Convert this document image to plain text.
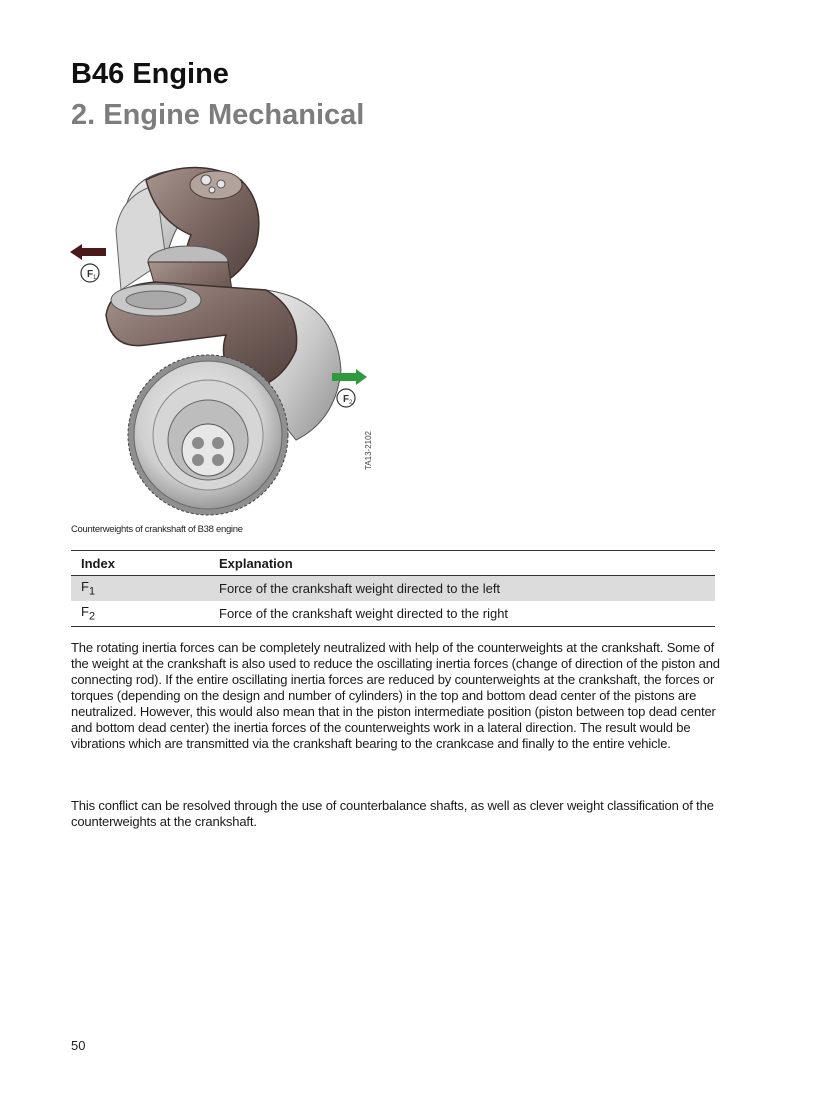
B46 Engine
2. Engine Mechanical
F 1
F 2
TA13-2102
Counterweights of crankshaft of B38 engine
Index	Explanation
$F_1$	Force of the crankshaft weight directed to the left
$F_2$	Force of the crankshaft weight directed to the right

The rotating inertia forces can be completely neutralized with help of the counterweights at the crankshaft. Some of the weight at the crankshaft is also used to reduce the oscillating inertia forces (change of direction of the piston and connecting rod). If the entire oscillating inertia forces are reduced by counterweights at the crankshaft, the forces or torques (depending on the design and number of cylinders) in the top and bottom dead center of the pistons are neutralized. However, this would also mean that in the piston intermediate position (piston between top dead center and bottom dead center) the inertia forces of the counterweights work in a lateral direction. The result would be vibrations which are transmitted via the crankshaft bearing to the crankcase and finally to the entire vehicle.

This conflict can be resolved through the use of counterbalance shafts, as well as clever weight classification of the counterweights at the crankshaft.

50
